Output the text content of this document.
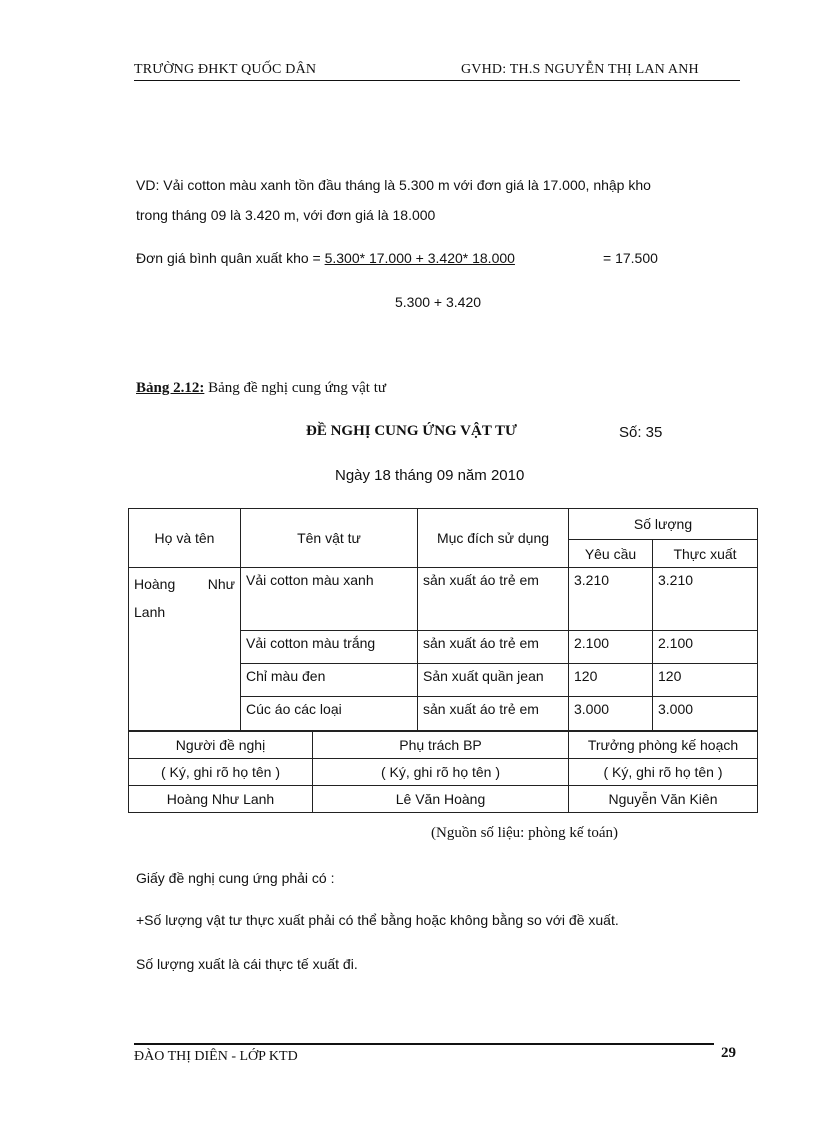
TRƯỜNG ĐHKT QUỐC DÂN	GVHD: TH.S NGUYỄN THỊ LAN ANH
VD: Vải cotton màu xanh tồn đầu tháng là 5.300 m với đơn giá là 17.000, nhập kho
trong tháng 09 là 3.420 m, với đơn giá là 18.000
Đơn giá bình quân xuất kho = 5.300* 17.000 + 3.420* 18.000	= 17.500
5.300 + 3.420
Bảng 2.12: Bảng đề nghị cung ứng vật tư
ĐỀ NGHỊ CUNG ỨNG VẬT TƯ	Số: 35
Ngày 18 tháng 09 năm 2010
Họ và tên	Tên vật tư	Mục đích sử dụng	Số lượng	
			Yêu cầu	Thực xuất
Hoàng Như Lanh	Vải cotton màu xanh	sản xuất áo trẻ em	3.210	3.210
	Vải cotton màu trắng	sản xuất áo trẻ em	2.100	2.100
	Chỉ màu đen	Sản xuất quần jean	120	120
	Cúc áo các loại	sản xuất áo trẻ em	3.000	3.000
Người đề nghị	Phụ trách BP	Trưởng phòng kế hoạch
( Ký, ghi rõ họ tên )	( Ký, ghi rõ họ tên )	( Ký, ghi rõ họ tên )
Hoàng Như Lanh	Lê Văn Hoàng	Nguyễn Văn Kiên
(Nguồn số liệu: phòng kế toán)
Giấy đề nghị cung ứng phải có :
+Số lượng vật tư thực xuất phải có thể bằng hoặc không bằng so với đề xuất.
Số lượng xuất là cái thực tế xuất đi.
ĐÀO THỊ DIÊN - LỚP KTD	29
